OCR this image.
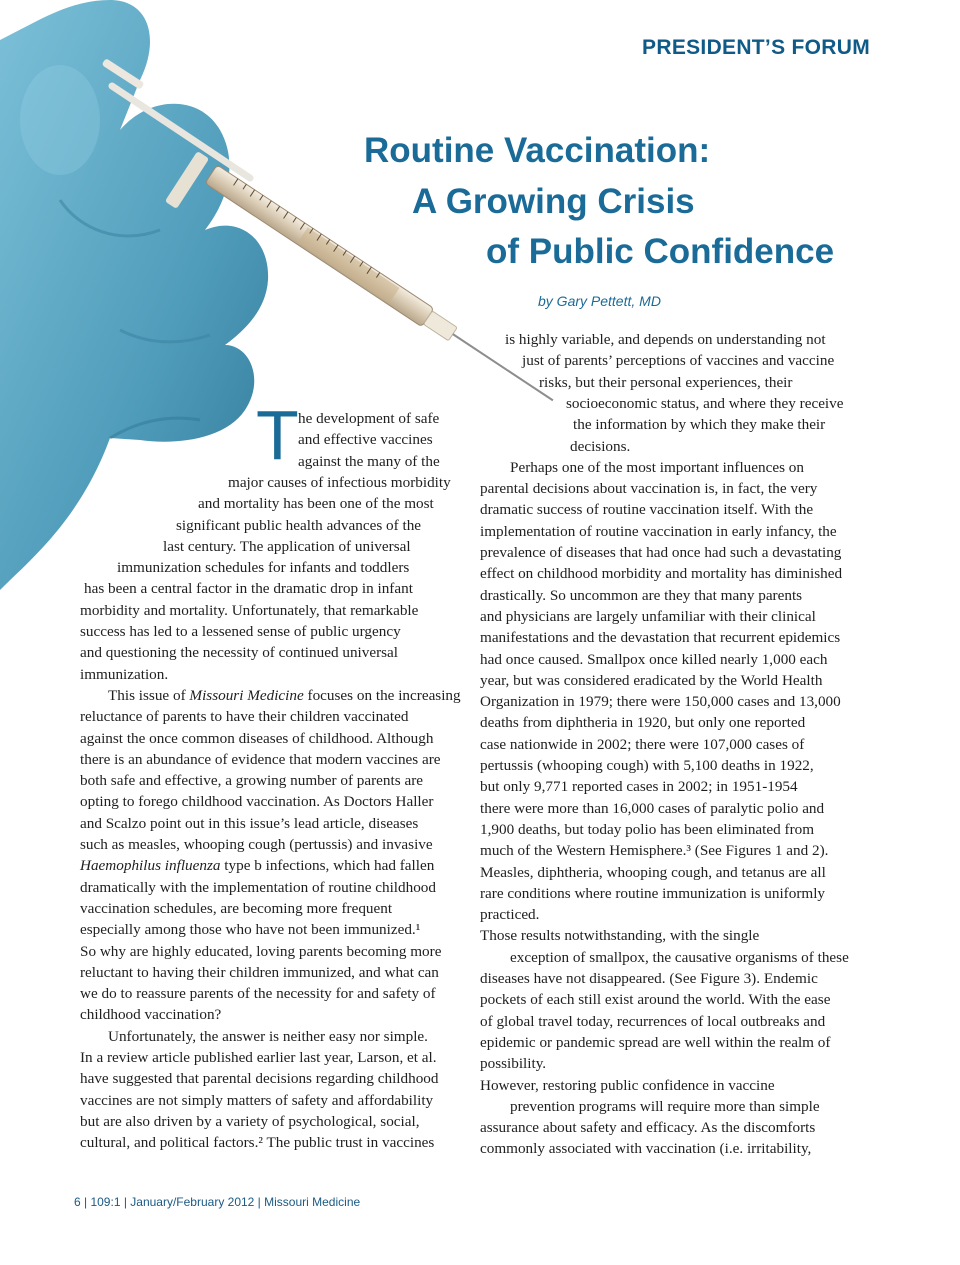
PRESIDENT’S FORUM
Routine Vaccination:
A Growing Crisis
of Public Confidence
by Gary Pettett, MD
T he development of safe
and effective vaccines
against the many of the
major causes of infectious morbidity
and mortality has been one of the most
significant public health advances of the
last century. The application of universal
immunization schedules for infants and toddlers
has been a central factor in the dramatic drop in infant
morbidity and mortality. Unfortunately, that remarkable
success has led to a lessened sense of public urgency
and questioning the necessity of continued universal
immunization.
This issue of Missouri Medicine focuses on the increasing
reluctance of parents to have their children vaccinated
against the once common diseases of childhood. Although
there is an abundance of evidence that modern vaccines are
both safe and effective, a growing number of parents are
opting to forego childhood vaccination. As Doctors Haller
and Scalzo point out in this issue’s lead article, diseases
such as measles, whooping cough (pertussis) and invasive
Haemophilus influenza type b infections, which had fallen
dramatically with the implementation of routine childhood
vaccination schedules, are becoming more frequent
especially among those who have not been immunized.¹
So why are highly educated, loving parents becoming more
reluctant to having their children immunized, and what can
we do to reassure parents of the necessity for and safety of
childhood vaccination?
Unfortunately, the answer is neither easy nor simple.
In a review article published earlier last year, Larson, et al.
have suggested that parental decisions regarding childhood
vaccines are not simply matters of safety and affordability
but are also driven by a variety of psychological, social,
cultural, and political factors.² The public trust in vaccines
is highly variable, and depends on understanding not
just of parents’ perceptions of vaccines and vaccine
risks, but their personal experiences, their
socioeconomic status, and where they receive
the information by which they make their
decisions.
Perhaps one of the most important influences on
parental decisions about vaccination is, in fact, the very
dramatic success of routine vaccination itself. With the
implementation of routine vaccination in early infancy, the
prevalence of diseases that had once had such a devastating
effect on childhood morbidity and mortality has diminished
drastically. So uncommon are they that many parents
and physicians are largely unfamiliar with their clinical
manifestations and the devastation that recurrent epidemics
had once caused. Smallpox once killed nearly 1,000 each
year, but was considered eradicated by the World Health
Organization in 1979; there were 150,000 cases and 13,000
deaths from diphtheria in 1920, but only one reported
case nationwide in 2002; there were 107,000 cases of
pertussis (whooping cough) with 5,100 deaths in 1922,
but only 9,771 reported cases in 2002; in 1951-1954
there were more than 16,000 cases of paralytic polio and
1,900 deaths, but today polio has been eliminated from
much of the Western Hemisphere.³ (See Figures 1 and 2).
Measles, diphtheria, whooping cough, and tetanus are all
rare conditions where routine immunization is uniformly
practiced.
Those results notwithstanding, with the single
exception of smallpox, the causative organisms of these
diseases have not disappeared. (See Figure 3). Endemic
pockets of each still exist around the world. With the ease
of global travel today, recurrences of local outbreaks and
epidemic or pandemic spread are well within the realm of
possibility.
However, restoring public confidence in vaccine
prevention programs will require more than simple
assurance about safety and efficacy. As the discomforts
commonly associated with vaccination (i.e. irritability,
6 | 109:1 | January/February 2012 | Missouri Medicine
